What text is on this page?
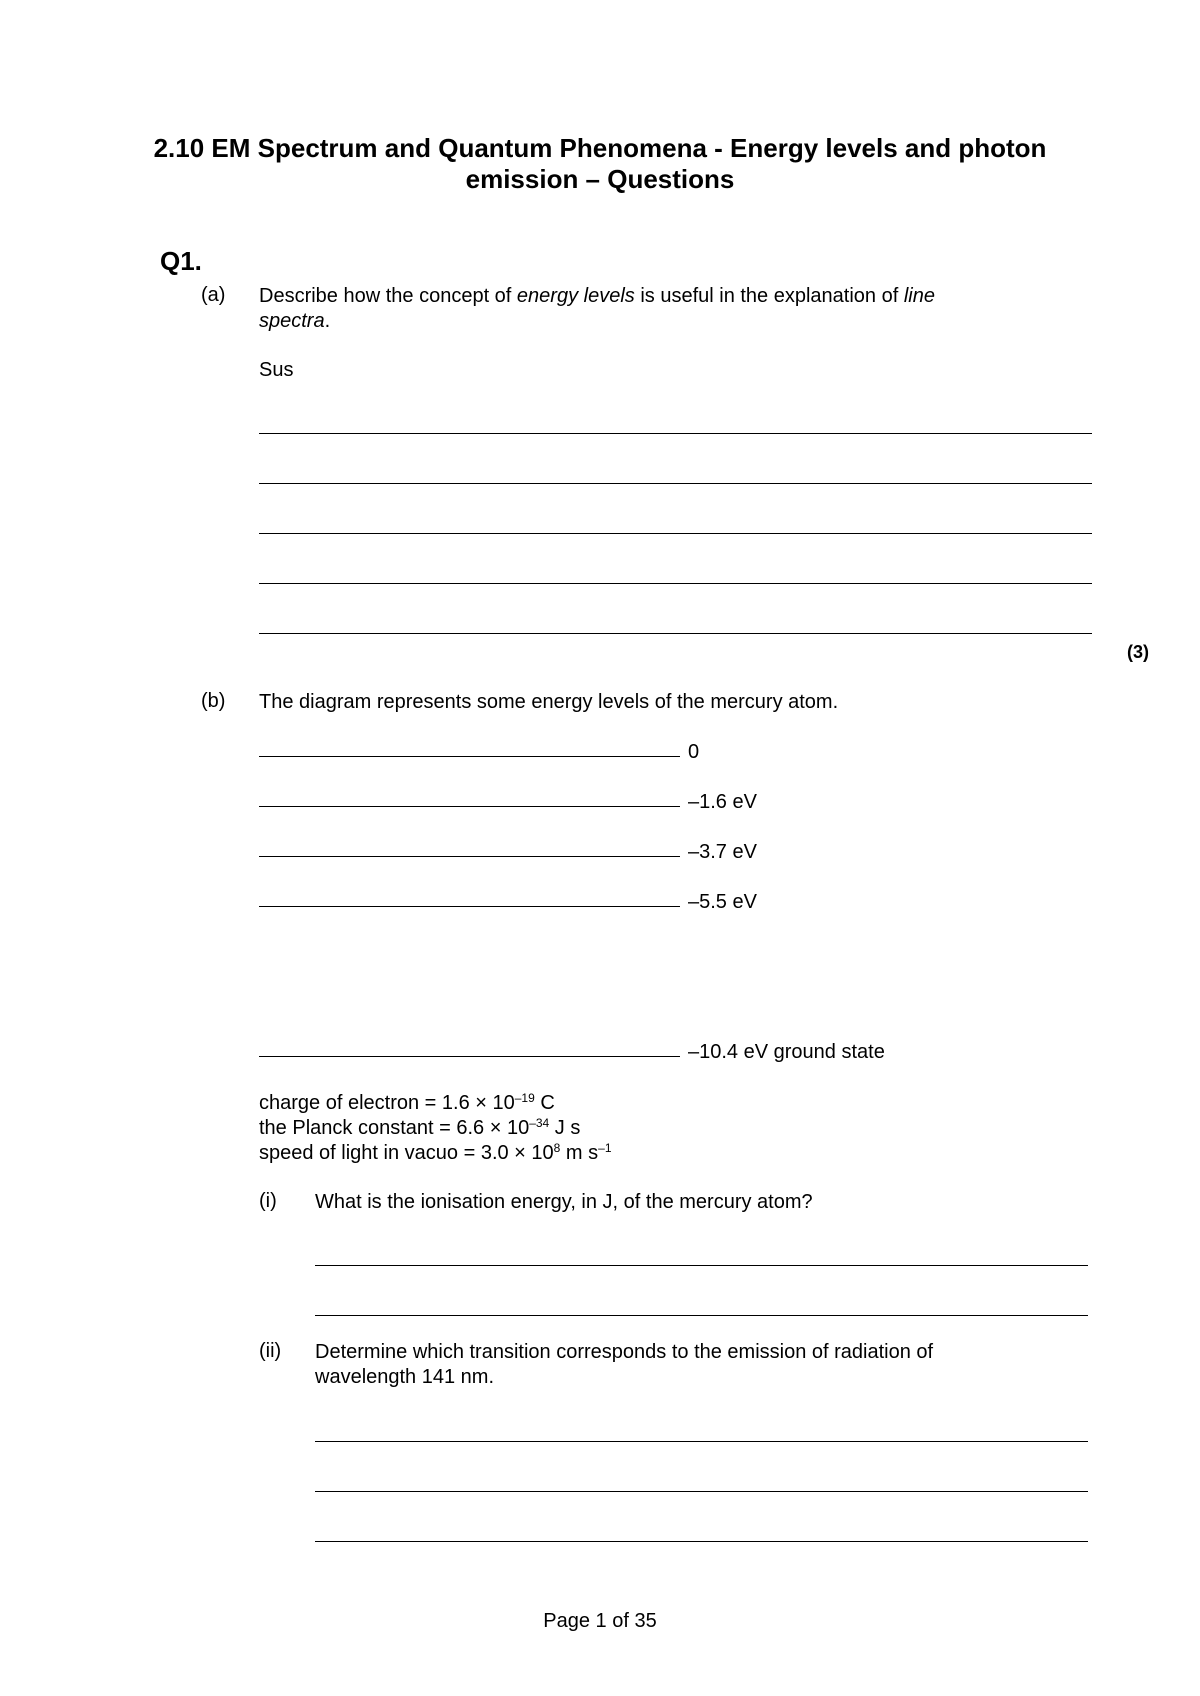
2.10 EM Spectrum and Quantum Phenomena - Energy levels and photon
emission – Questions
Q1.
(a) Describe how the concept of energy levels is useful in the explanation of line
spectra.
Sus
(3)
(b) The diagram represents some energy levels of the mercury atom.
0
–1.6 eV
–3.7 eV
–5.5 eV
–10.4 eV ground state
charge of electron = $1.6 \times 10^{-19}$ C
the Planck constant = $6.6 \times 10^{-34}$ J s
speed of light in vacuo = $3.0 \times 10^8$ m $s^{-1}$
(i) What is the ionisation energy, in J, of the mercury atom?
(ii) Determine which transition corresponds to the emission of radiation of
wavelength 141 nm.
Page 1 of 35
